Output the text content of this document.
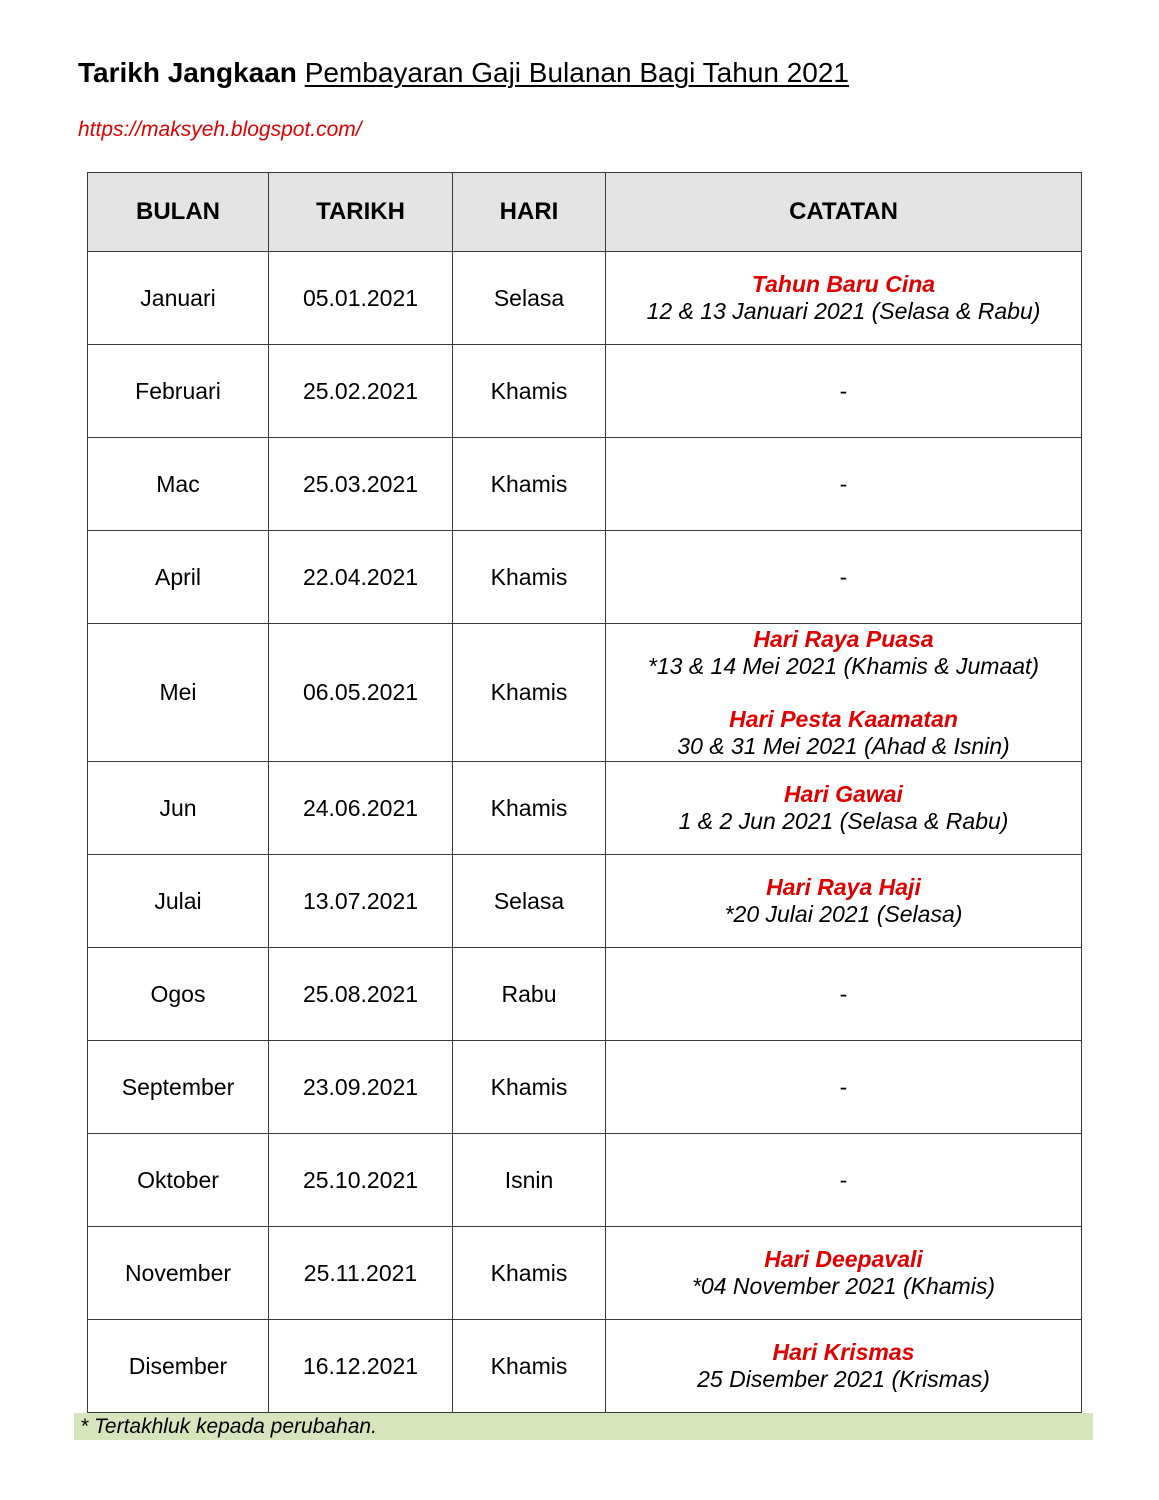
Tarikh Jangkaan Pembayaran Gaji Bulanan Bagi Tahun 2021
https://maksyeh.blogspot.com/
BULAN	TARIKH	HARI	CATATAN
Januari	05.01.2021	Selasa	Tahun Baru Cina
12 & 13 Januari 2021 (Selasa & Rabu)

Februari	25.02.2021	Khamis	-
Mac	25.03.2021	Khamis	-
April	22.04.2021	Khamis	-
Mei	06.05.2021	Khamis	Hari Raya Puasa
*13 & 14 Mei 2021 (Khamis & Jumaat)
Hari Pesta Kaamatan
30 & 31 Mei 2021 (Ahad & Isnin)

Jun	24.06.2021	Khamis	Hari Gawai
1 & 2 Jun 2021 (Selasa & Rabu)

Julai	13.07.2021	Selasa	Hari Raya Haji
*20 Julai 2021 (Selasa)

Ogos	25.08.2021	Rabu	-
September	23.09.2021	Khamis	-
Oktober	25.10.2021	Isnin	-
November	25.11.2021	Khamis	Hari Deepavali
*04 November 2021 (Khamis)

Disember	16.12.2021	Khamis	Hari Krismas
25 Disember 2021 (Krismas)
* Tertakhluk kepada perubahan.
